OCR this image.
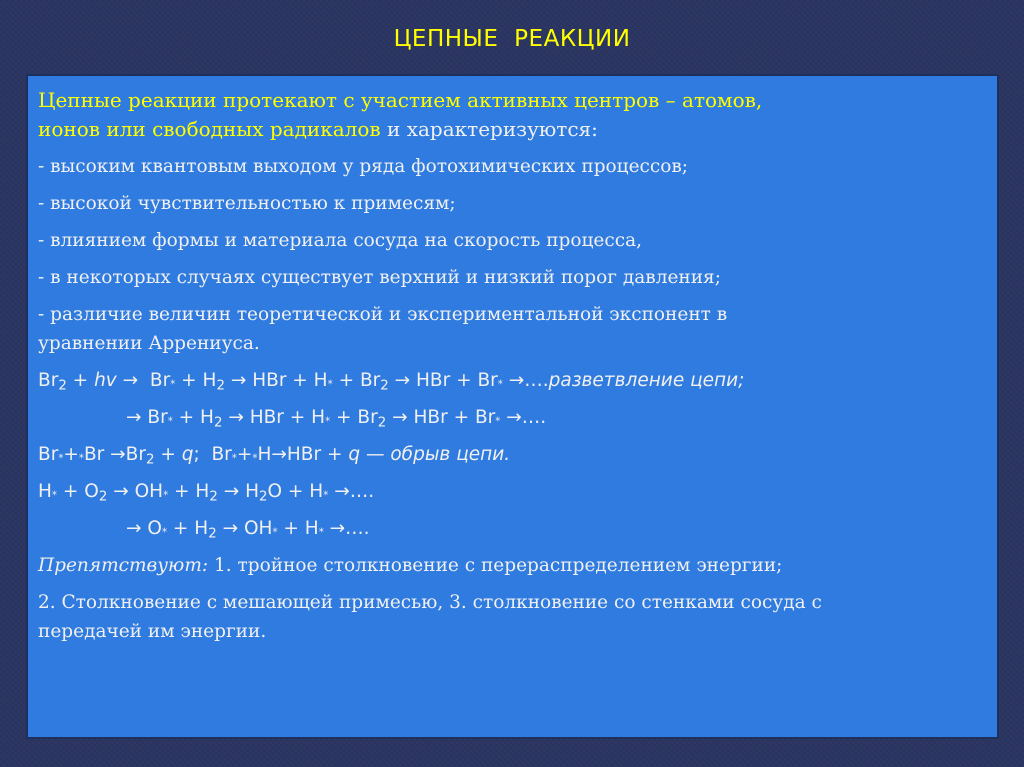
ЦЕПНЫЕ РЕАКЦИИ
Цепные реакции протекают с участием активных центров – атомов,
ионов или свободных радикалов и характеризуются:
- высоким квантовым выходом у ряда фотохимических процессов;
- высокой чувствительностью к примесям;
- влиянием формы и материала сосуда на скорость процесса,
- в некоторых случаях существует верхний и низкий порог давления;
- различие величин теоретической и экспериментальной экспонент в
уравнении Аррениуса.
$Br_2$ + hv →  $Br* + H_2$ → HBr + $H* + Br_2$ → HBr + Br* →….разветвление цепи;
→ $Br* + H_2$ → HBr + $H* + Br_2$ → HBr + Br* →….
$Br*+*Br \to Br_2 + q$;  Br*+*H→HBr + q — обрыв цепи.
$H* + O_2 \to OH* + H_2 \to H_2O + H*$ →….
→ $O* + H_2 \to OH* + H*$ →….
Препятствуют: 1. тройное столкновение с перераспределением энергии;
2. Столкновение с мешающей примесью, 3. столкновение со стенками сосуда с
передачей им энергии.
